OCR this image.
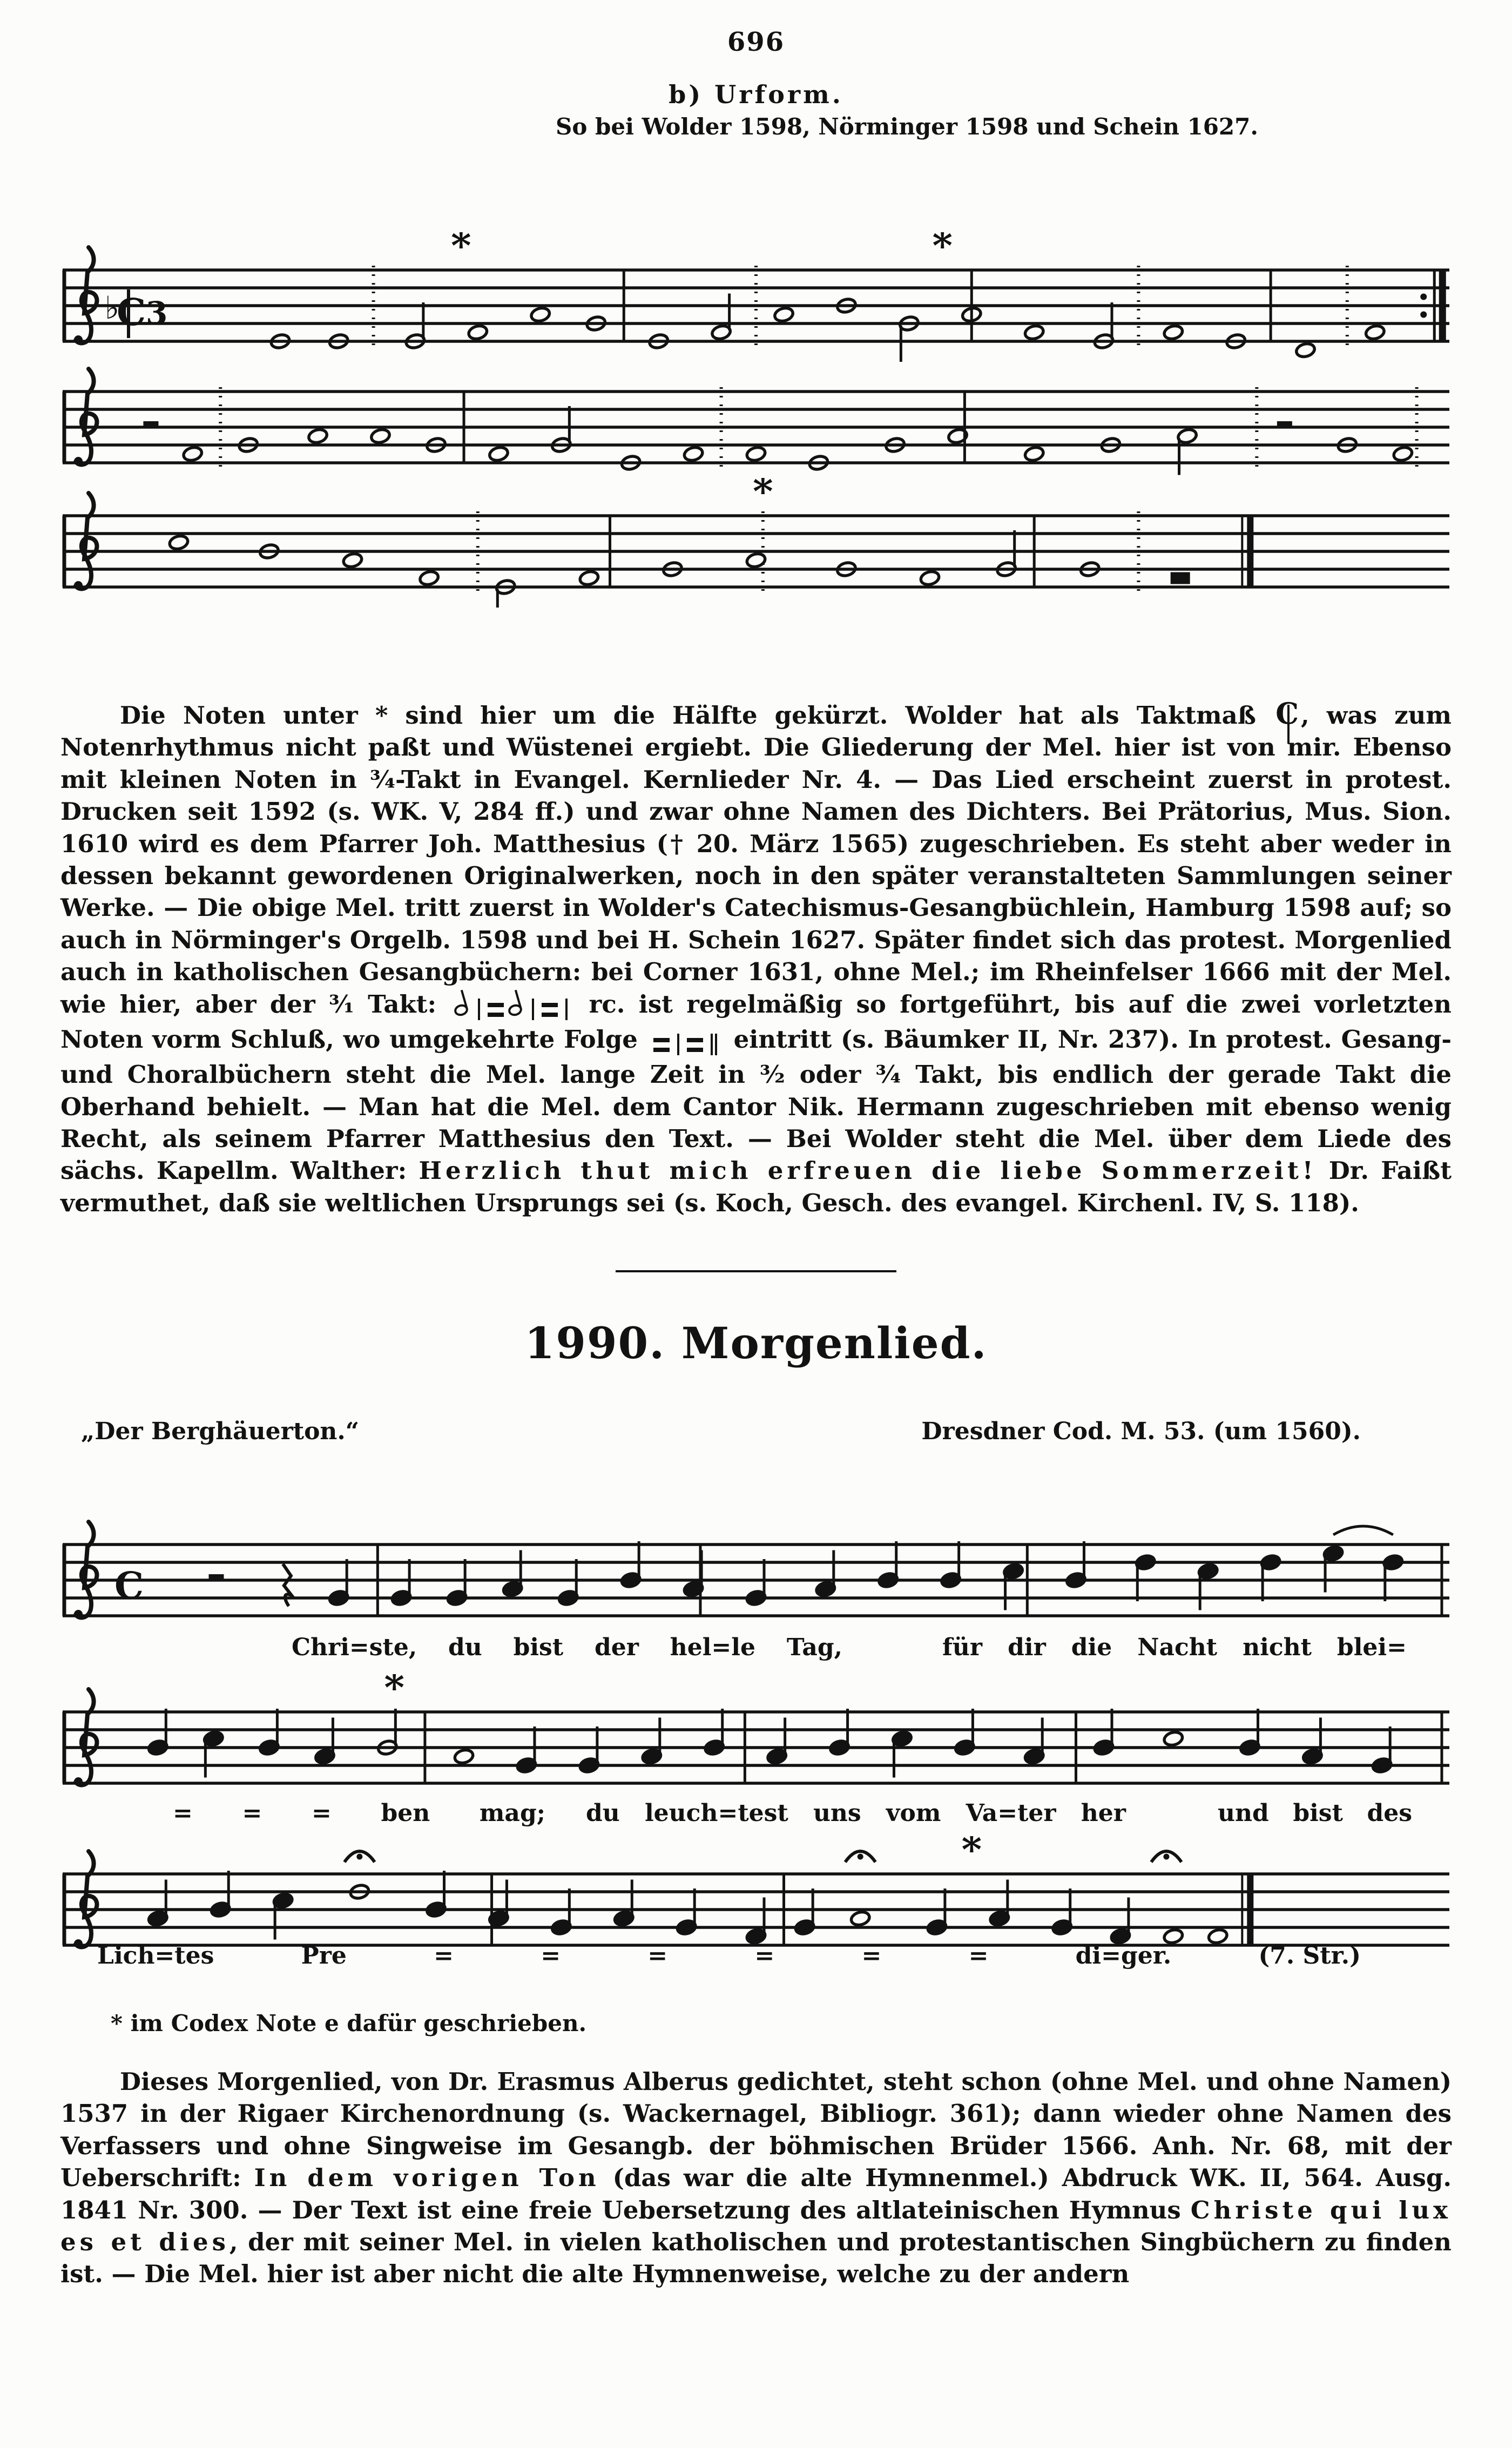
696
b) Urform.
So bei Wolder 1598, Nörminger 1598 und Schein 1627.
♭
C 3
*	*
*
Die Noten unter * sind hier um die Hälfte gekürzt. Wolder hat als Taktmaß C, was zum Notenrhythmus nicht paßt und Wüstenei ergiebt. Die Gliederung der Mel. hier ist von mir. Ebenso mit kleinen Noten in ³⁄₄-Takt in Evangel. Kernlieder Nr. 4. — Das Lied erscheint zuerst in protest. Drucken seit 1592 (s. WK. V, 284 ff.) und zwar ohne Namen des Dichters. Bei Prätorius, Mus. Sion. 1610 wird es dem Pfarrer Joh. Matthesius († 20. März 1565) zugeschrieben. Es steht aber weder in dessen bekannt gewordenen Originalwerken, noch in den später veranstalteten Sammlungen seiner Werke. — Die obige Mel. tritt zuerst in Wolder's Catechismus-Gesangbüchlein, Hamburg 1598 auf; so auch in Nörminger's Orgelb. 1598 und bei H. Schein 1627. Später findet sich das protest. Morgenlied auch in katholischen Gesangbüchern: bei Corner 1631, ohne Mel.; im Rheinfelser 1666 mit der Mel. wie hier, aber der ³⁄₁ Takt:	rc. ist regelmäßig so fortgeführt, bis auf die zwei vorletzten Noten vorm Schluß, wo umgekehrte Folge	eintritt (s. Bäumker II, Nr. 237). In protest. Gesang- und Choralbüchern steht die Mel. lange Zeit in ³⁄₂ oder ³⁄₄ Takt, bis endlich der gerade Takt die Oberhand behielt. — Man hat die Mel. dem Cantor Nik. Hermann zugeschrieben mit ebenso wenig Recht, als seinem Pfarrer Matthesius den Text. — Bei Wolder steht die Mel. über dem Liede des sächs. Kapellm. Walther: Herzlich thut mich erfreuen die liebe Sommerzeit! Dr. Faißt vermuthet, daß sie weltlichen Ursprungs sei (s. Koch, Gesch. des evangel. Kirchenl. IV, S. 118).
1990. Morgenlied.
„Der Berghäuerton.“	Dresdner Cod. M. 53. (um 1560).
C
Chri=ste, du bist der hel=le Tag,	für dir die Nacht nicht blei=
*
= = = ben mag; du leuch=test uns vom Va=ter her	und bist des
*
Lich=tes	Pre	=	=	=	=	=	=	di=ger.	(7. Str.)
* im Codex Note e dafür geschrieben.
Dieses Morgenlied, von Dr. Erasmus Alberus gedichtet, steht schon (ohne Mel. und ohne Namen) 1537 in der Rigaer Kirchenordnung (s. Wackernagel, Bibliogr. 361); dann wieder ohne Namen des Verfassers und ohne Singweise im Gesangb. der böhmischen Brüder 1566. Anh. Nr. 68, mit der Ueberschrift: In dem vorigen Ton (das war die alte Hymnenmel.) Abdruck WK. II, 564. Ausg. 1841 Nr. 300. — Der Text ist eine freie Uebersetzung des altlateinischen Hymnus Christe qui lux es et dies, der mit seiner Mel. in vielen katholischen und protestantischen Singbüchern zu finden ist. — Die Mel. hier ist aber nicht die alte Hymnenweise, welche zu der andern
